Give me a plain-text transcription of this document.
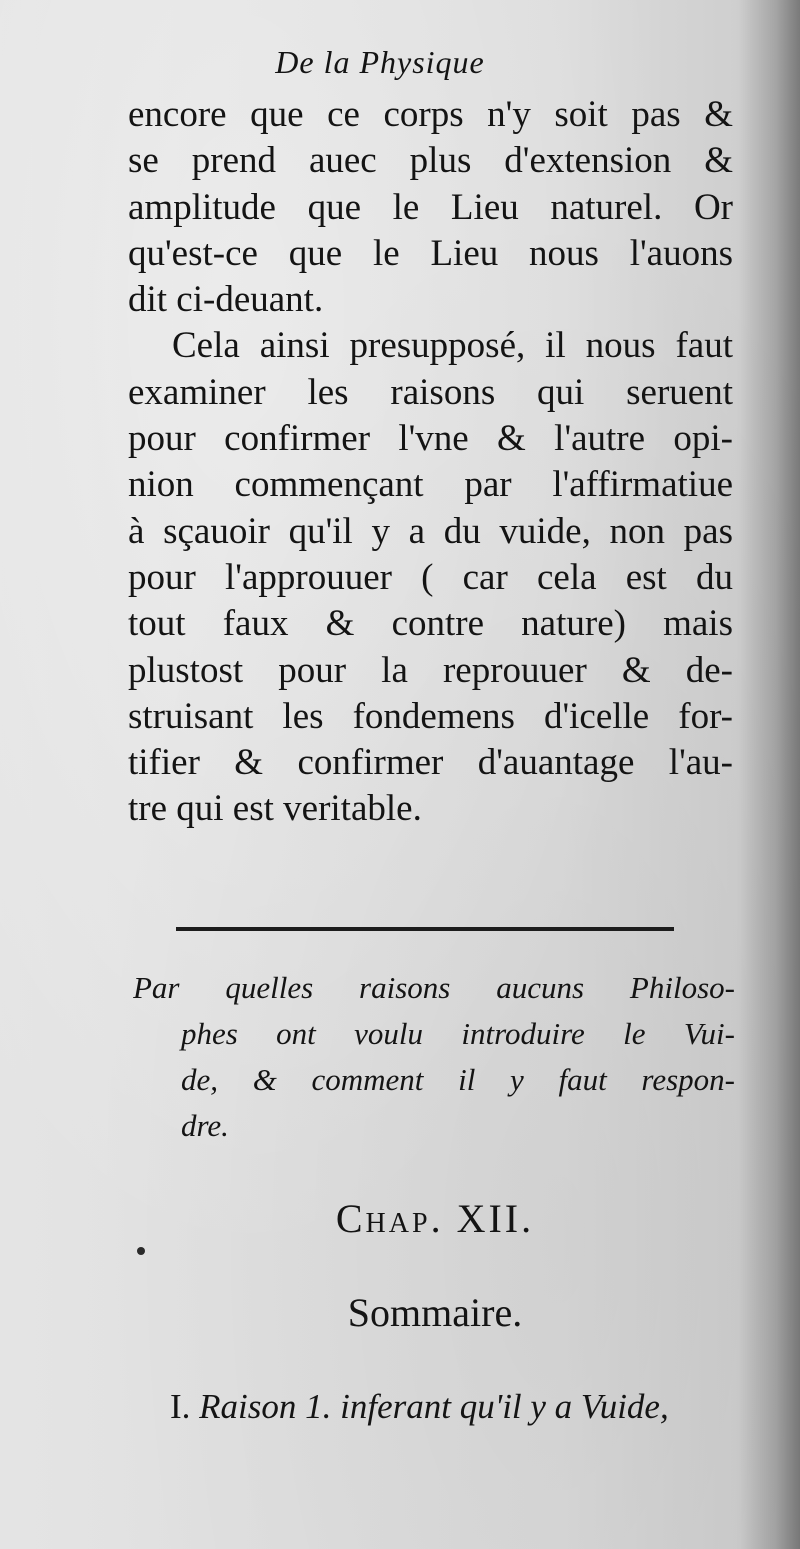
De la Physique
encore que ce corps n'y soit pas &
se prend auec plus d'extension &
amplitude que le Lieu naturel. Or
qu'est-ce que le Lieu nous l'auons
dit ci-deuant.
Cela ainsi presupposé, il nous faut
examiner les raisons qui seruent
pour confirmer l'vne & l'autre opi-
nion commençant par l'affirmatiue
à sçauoir qu'il y a du vuide, non pas
pour l'approuuer ( car cela est du
tout faux & contre nature) mais
plustost pour la reprouuer & de-
struisant les fondemens d'icelle for-
tifier & confirmer d'auantage l'au-
tre qui est veritable.
Par quelles raisons aucuns Philoso-
phes ont voulu introduire le Vui-
de, & comment il y faut respon-
dre.
Chap. XII.
Sommaire.
I. Raison 1. inferant qu'il y a Vuide,
